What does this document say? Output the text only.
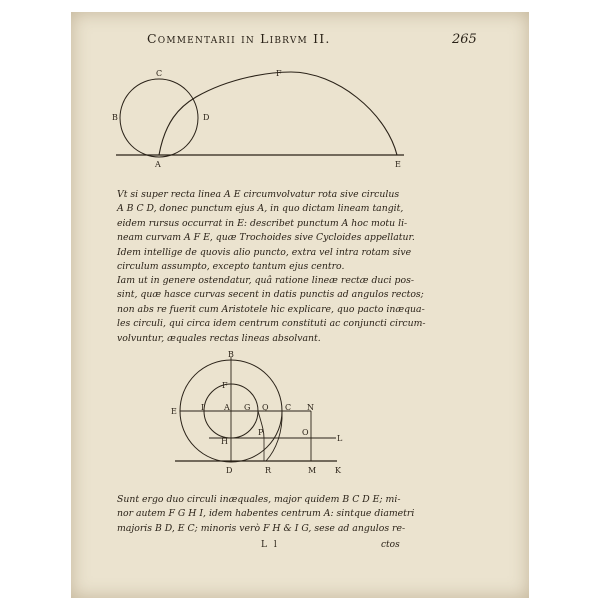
Commentarii in Librvm II.	265
C
B	D
A
F
E
Vt si super recta linea A E circumvolvatur rota sive circulus
A B C D, donec punctum ejus A, in quo dictam lineam tangit,
eidem rursus occurrat in E: describet punctum A hoc motu li-
neam curvam A F E, quæ Trochoides sive Cycloides appellatur.
Idem intellige de quovis alio puncto, extra vel intra rotam sive
circulum assumpto, excepto tantum ejus centro.
Iam ut in genere ostendatur, quâ ratione lineæ rectæ duci pos-
sint, quæ hasce curvas secent in datis punctis ad angulos rectos;
non abs re fuerit cum Aristotele hic explicare, quo pacto inæqua-
les circuli, qui circa idem centrum constituti ac conjuncti circum-
volvuntur, æquales rectas lineas absolvant.
B
F
E	I A G Q C N
H
P	O
L
D	R	M K
Sunt ergo duo circuli inæquales, major quidem B C D E; mi-
nor autem F G H I, idem habentes centrum A: sintque diametri
majoris B D, E C; minoris verò F H & I G, sese ad angulos re-
L l	ctos
